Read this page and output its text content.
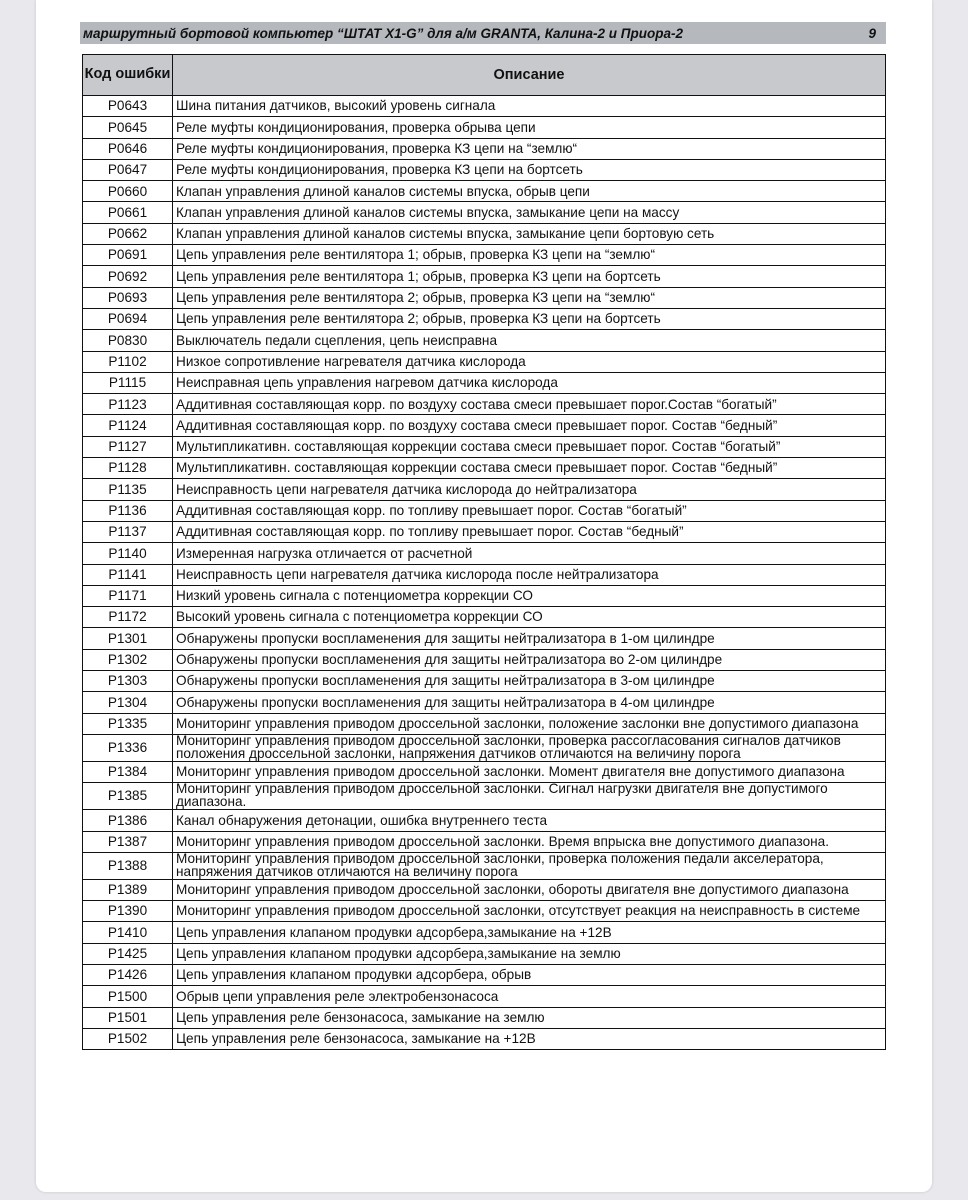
маршрутный бортовой компьютер “ШТАТ X1-G” для а/м GRANTA, Калина-2 и Приора-2	9
Код ошибки	Описание
P0643	Шина питания датчиков, высокий уровень сигнала
P0645	Реле муфты кондиционирования, проверка обрыва цепи
P0646	Реле муфты кондиционирования, проверка КЗ цепи на “землю“
P0647	Реле муфты кондиционирования, проверка КЗ цепи на бортсеть
P0660	Клапан управления длиной каналов системы впуска, обрыв цепи
P0661	Клапан управления длиной каналов системы впуска, замыкание цепи на массу
P0662	Клапан управления длиной каналов системы впуска, замыкание цепи бортовую сеть
P0691	Цепь управления реле вентилятора 1; обрыв, проверка КЗ цепи на “землю“
P0692	Цепь управления реле вентилятора 1; обрыв, проверка КЗ цепи на бортсеть
P0693	Цепь управления реле вентилятора 2; обрыв, проверка КЗ цепи на “землю“
P0694	Цепь управления реле вентилятора 2; обрыв, проверка КЗ цепи на бортсеть
P0830	Выключатель педали сцепления, цепь неисправна
P1102	Низкое сопротивление нагревателя датчика кислорода
P1115	Неисправная цепь управления нагревом датчика кислорода
P1123	Аддитивная составляющая корр. по воздуху состава смеси превышает порог.Состав “богатый”
P1124	Аддитивная составляющая корр. по воздуху состава смеси превышает порог. Состав “бедный”
P1127	Мультипликативн. составляющая коррекции состава смеси превышает порог. Состав “богатый”
P1128	Мультипликативн. составляющая коррекции состава смеси превышает порог. Состав “бедный”
P1135	Неисправность цепи нагревателя датчика кислорода до нейтрализатора
P1136	Аддитивная составляющая корр. по топливу превышает порог. Состав “богатый”
P1137	Аддитивная составляющая корр. по топливу превышает порог. Состав “бедный”
P1140	Измеренная нагрузка отличается от расчетной
P1141	Неисправность цепи нагревателя датчика кислорода после нейтрализатора
P1171	Низкий уровень сигнала с потенциометра коррекции СО
P1172	Высокий уровень сигнала с потенциометра коррекции СО
P1301	Обнаружены пропуски воспламенения для защиты нейтрализатора в 1-ом цилиндре
P1302	Обнаружены пропуски воспламенения для защиты нейтрализатора во 2-ом цилиндре
P1303	Обнаружены пропуски воспламенения для защиты нейтрализатора в 3-ом цилиндре
P1304	Обнаружены пропуски воспламенения для защиты нейтрализатора в 4-ом цилиндре
P1335	Мониторинг управления приводом дроссельной заслонки, положение заслонки вне допустимого диапазона
P1336	Мониторинг управления приводом дроссельной заслонки, проверка рассогласования сигналов датчиков положения дроссельной заслонки, напряжения датчиков отличаются на величину порога
P1384	Мониторинг управления приводом дроссельной заслонки. Момент двигателя вне допустимого диапазона
P1385	Мониторинг управления приводом дроссельной заслонки. Сигнал нагрузки двигателя вне допустимого диапазона.
P1386	Канал обнаружения детонации, ошибка внутреннего теста
P1387	Мониторинг управления приводом дроссельной заслонки. Время впрыска вне допустимого диапазона.
P1388	Мониторинг управления приводом дроссельной заслонки, проверка положения педали акселератора, напряжения датчиков отличаются на величину порога
P1389	Мониторинг управления приводом дроссельной заслонки, обороты двигателя вне допустимого диапазона
P1390	Мониторинг управления приводом дроссельной заслонки, отсутствует реакция на неисправность в системе
P1410	Цепь управления клапаном продувки адсорбера,замыкание на +12В
P1425	Цепь управления клапаном продувки адсорбера,замыкание на землю
P1426	Цепь управления клапаном продувки адсорбера, обрыв
P1500	Обрыв цепи управления реле электробензонасоса
P1501	Цепь управления реле бензонасоса, замыкание на землю
P1502	Цепь управления реле бензонасоса, замыкание на +12В
